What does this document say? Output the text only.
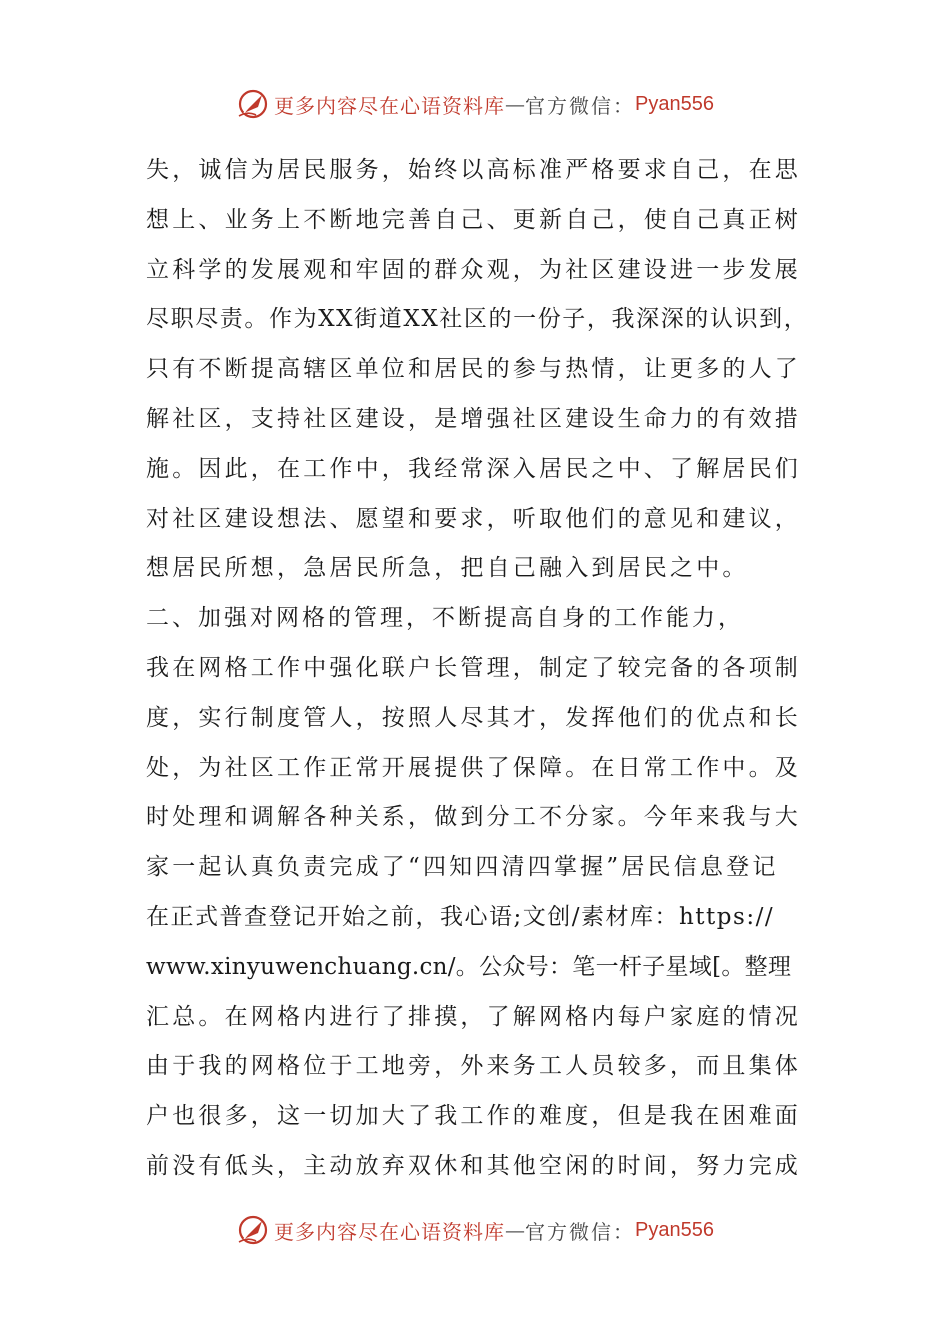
更多内容尽在心语资料库 — 官方微信： Pyan556
失，诚信为居民服务，始终以高标准严格要求自己，在思
想上、业务上不断地完善自己、更新自己，使自己真正树
立科学的发展观和牢固的群众观，为社区建设进一步发展
尽职尽责。作为XX街道XX社区的一份子，我深深的认识到，
只有不断提高辖区单位和居民的参与热情，让更多的人了
解社区，支持社区建设，是增强社区建设生命力的有效措
施。因此，在工作中，我经常深入居民之中、了解居民们
对社区建设想法、愿望和要求，听取他们的意见和建议，
想居民所想，急居民所急，把自己融入到居民之中。
二、加强对网格的管理，不断提高自身的工作能力，
我在网格工作中强化联户长管理，制定了较完备的各项制
度，实行制度管人，按照人尽其才，发挥他们的优点和长
处，为社区工作正常开展提供了保障。在日常工作中。及
时处理和调解各种关系，做到分工不分家。今年来我与大
家一起认真负责完成了“四知四清四掌握”居民信息登记
在正式普查登记开始之前，我心语;文创/素材库：https://
www.xinyuwenchuang.cn/。公众号：笔一杆子星域[。整理
汇总。在网格内进行了排摸，了解网格内每户家庭的情况
由于我的网格位于工地旁，外来务工人员较多，而且集体
户也很多，这一切加大了我工作的难度，但是我在困难面
前没有低头，主动放弃双休和其他空闲的时间，努力完成
更多内容尽在心语资料库 — 官方微信： Pyan556
